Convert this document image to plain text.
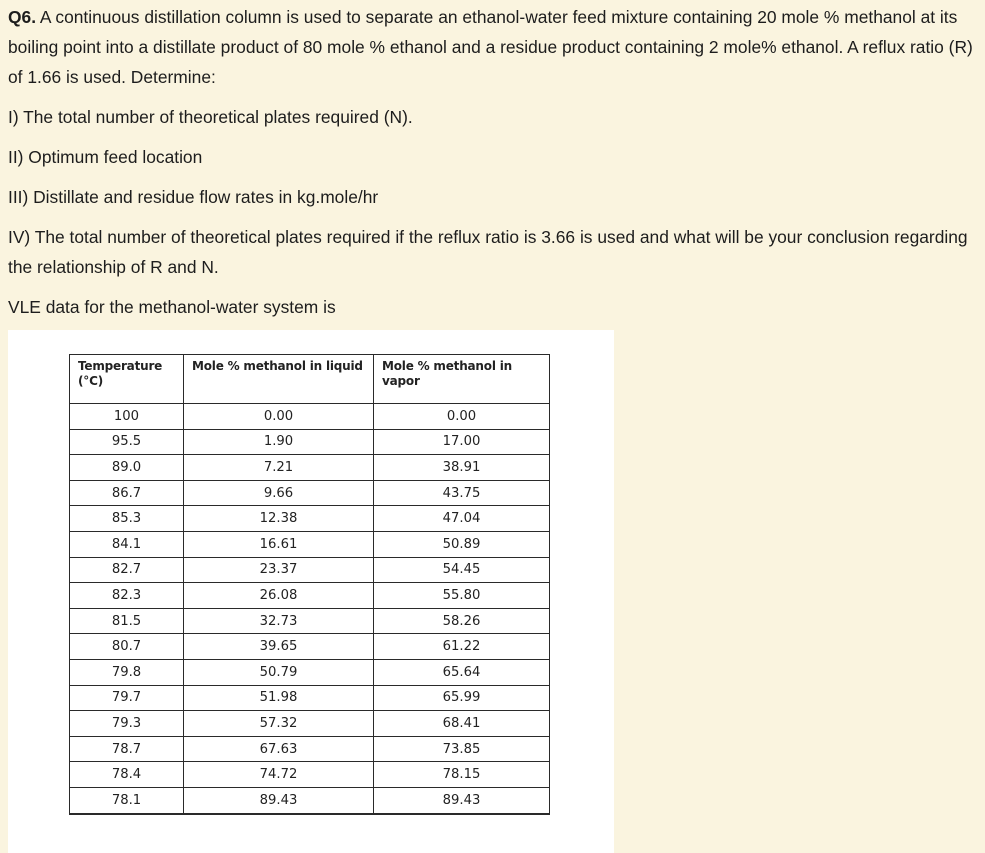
Q6. A continuous distillation column is used to separate an ethanol-water feed mixture containing 20 mole % methanol at its boiling point into a distillate product of 80 mole % ethanol and a residue product containing 2 mole% ethanol. A reflux ratio (R) of 1.66 is used. Determine:

I) The total number of theoretical plates required (N).

II) Optimum feed location

III) Distillate and residue flow rates in kg.mole/hr

IV) The total number of theoretical plates required if the reflux ratio is 3.66 is used and what will be your conclusion regarding the relationship of R and N.

VLE data for the methanol-water system is

Temperature (°C)	Mole % methanol in liquid	Mole % methanol in vapor
100	0.00	0.00
95.5	1.90	17.00
89.0	7.21	38.91
86.7	9.66	43.75
85.3	12.38	47.04
84.1	16.61	50.89
82.7	23.37	54.45
82.3	26.08	55.80
81.5	32.73	58.26
80.7	39.65	61.22
79.8	50.79	65.64
79.7	51.98	65.99
79.3	57.32	68.41
78.7	67.63	73.85
78.4	74.72	78.15
78.1	89.43	89.43
